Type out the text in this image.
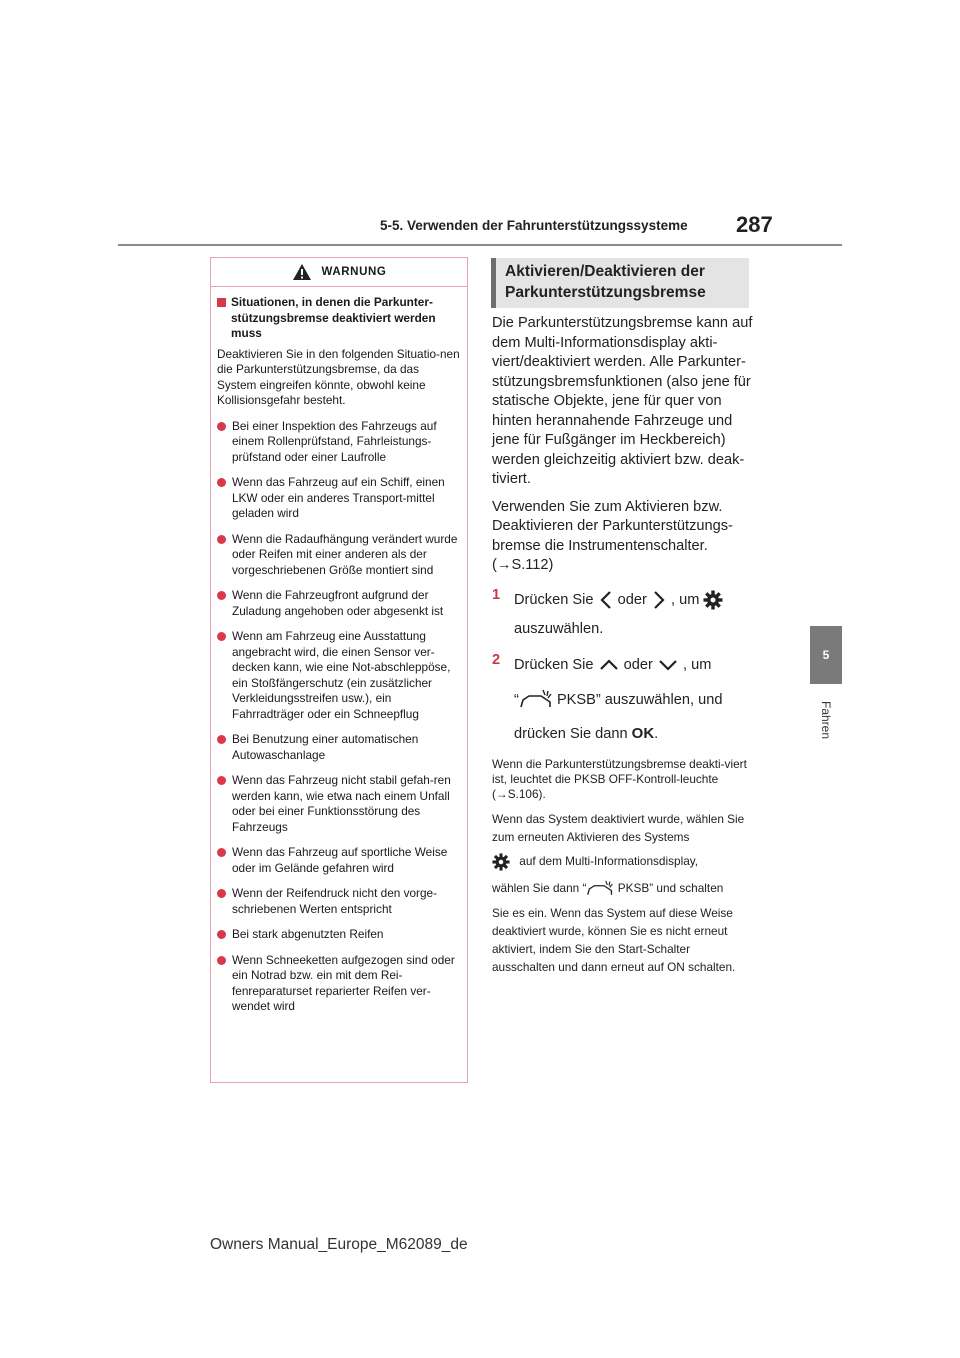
5-5. Verwenden der Fahrunterstützungssysteme 287
5
Fahren
WARNUNG
Situationen, in denen die Parkunter-stützungsbremse deaktiviert werden muss
Deaktivieren Sie in den folgenden Situatio-nen die Parkunterstützungsbremse, da das System eingreifen könnte, obwohl keine Kollisionsgefahr besteht.
Bei einer Inspektion des Fahrzeugs auf einem Rollenprüfstand, Fahrleistungs-prüfstand oder einer Laufrolle
Wenn das Fahrzeug auf ein Schiff, einen LKW oder ein anderes Transport-mittel geladen wird
Wenn die Radaufhängung verändert wurde oder Reifen mit einer anderen als der vorgeschriebenen Größe montiert sind
Wenn die Fahrzeugfront aufgrund der Zuladung angehoben oder abgesenkt ist
Wenn am Fahrzeug eine Ausstattung angebracht wird, die einen Sensor ver-decken kann, wie eine Not-abschleppöse, ein Stoßfängerschutz (ein zusätzlicher Verkleidungsstreifen usw.), ein Fahrradträger oder ein Schneepflug
Bei Benutzung einer automatischen Autowaschanlage
Wenn das Fahrzeug nicht stabil gefah-ren werden kann, wie etwa nach einem Unfall oder bei einer Funktionsstörung des Fahrzeugs
Wenn das Fahrzeug auf sportliche Weise oder im Gelände gefahren wird
Wenn der Reifendruck nicht den vorge-schriebenen Werten entspricht
Bei stark abgenutzten Reifen
Wenn Schneeketten aufgezogen sind oder ein Notrad bzw. ein mit dem Rei-fenreparaturset reparierter Reifen ver-wendet wird
Aktivieren/Deaktivieren der Parkunterstützungsbremse

Die Parkunterstützungsbremse kann auf dem Multi-Informationsdisplay akti-viert/deaktiviert werden. Alle Parkunter-stützungsbremsfunktionen (also jene für statische Objekte, jene für quer von hinten herannahende Fahrzeuge und jene für Fußgänger im Heckbereich) werden gleichzeitig aktiviert bzw. deak-tiviert.

Verwenden Sie zum Aktivieren bzw. Deaktivieren der Parkunterstützungs-bremse die Instrumentenschalter.
(→S.112)

1 Drücken Sie oder , um
auszuwählen.
2 Drücken Sie oder , um
“	PKSB” auszuwählen, und
drücken Sie dann OK.

Wenn die Parkunterstützungsbremse deakti-viert ist, leuchtet die PKSB OFF-Kontroll-leuchte (→S.106).

Wenn das System deaktiviert wurde, wählen Sie zum erneuten Aktivieren des Systems
auf dem Multi-Informationsdisplay,
wählen Sie dann “	PKSB” und schalten
Sie es ein. Wenn das System auf diese Weise deaktiviert wurde, können Sie es nicht erneut aktiviert, indem Sie den Start-Schalter ausschalten und dann erneut auf ON schalten.
Owners Manual_Europe_M62089_de
